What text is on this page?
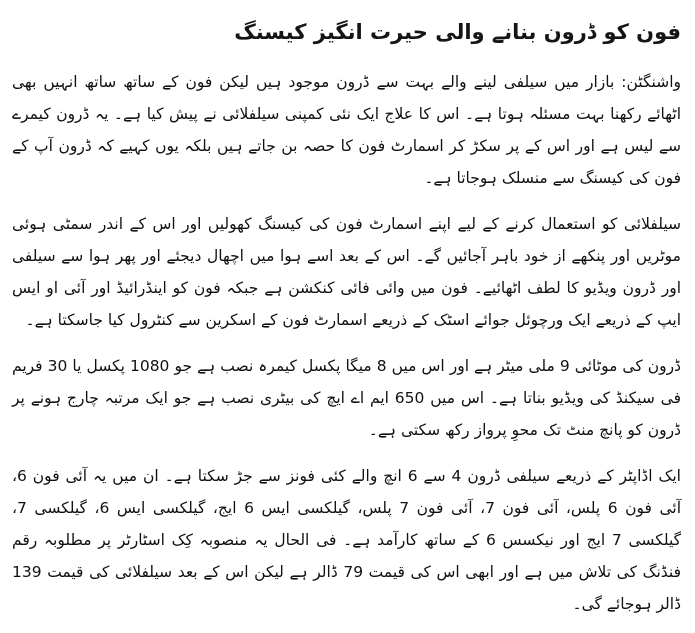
فون کو ڈرون بنانے والی حیرت انگیز کیسنگ

واشنگٹن: بازار میں سیلفی لینے والے بہت سے ڈرون موجود ہیں لیکن فون کے ساتھ ساتھ انہیں بھی اٹھائے رکھنا بہت مسئلہ ہوتا ہے۔ اس کا علاج ایک نئی کمپنی سیلفلائی نے پیش کیا ہے۔ یہ ڈرون کیمرے سے لیس ہے اور اس کے پر سکڑ کر اسمارٹ فون کا حصہ بن جاتے ہیں بلکہ یوں کہیے کہ ڈرون آپ کے فون کی کیسنگ سے منسلک ہوجاتا ہے۔

سیلفلائی کو استعمال کرنے کے لیے اپنے اسمارٹ فون کی کیسنگ کھولیں اور اس کے اندر سمٹی ہوئی موٹریں اور پنکھے از خود باہر آجائیں گے۔ اس کے بعد اسے ہوا میں اچھال دیجئے اور پھر ہوا سے سیلفی اور ڈرون ویڈیو کا لطف اٹھائیے۔ فون میں وائی فائی کنکشن ہے جبکہ فون کو اینڈرائیڈ اور آئی او ایس ایپ کے ذریعے ایک ورچوئل جوائے اسٹک کے ذریعے اسمارٹ فون کے اسکرین سے کنٹرول کیا جاسکتا ہے۔

ڈرون کی موٹائی 9 ملی میٹر ہے اور اس میں 8 میگا پکسل کیمرہ نصب ہے جو 1080 پکسل یا 30 فریم فی سیکنڈ کی ویڈیو بناتا ہے۔ اس میں 650 ایم اے ایچ کی بیٹری نصب ہے جو ایک مرتبہ چارج ہونے پر ڈرون کو پانچ منٹ تک محوِ پرواز رکھ سکتی ہے۔

ایک اڈاپٹر کے ذریعے سیلفی ڈرون 4 سے 6 انچ والے کئی فونز سے جڑ سکتا ہے۔ ان میں یہ آئی فون 6، آئی فون 6 پلس، آئی فون 7، آئی فون 7 پلس، گیلکسی ایس 6 ایج، گیلکسی ایس 6، گیلکسی 7، گیلکسی 7 ایج اور نیکسس 6 کے ساتھ کارآمد ہے۔ فی الحال یہ منصوبہ کِک اسٹارٹر پر مطلوبہ رقم فنڈنگ کی تلاش میں ہے اور ابھی اس کی قیمت 79 ڈالر ہے لیکن اس کے بعد سیلفلائی کی قیمت 139 ڈالر ہوجائے گی۔
